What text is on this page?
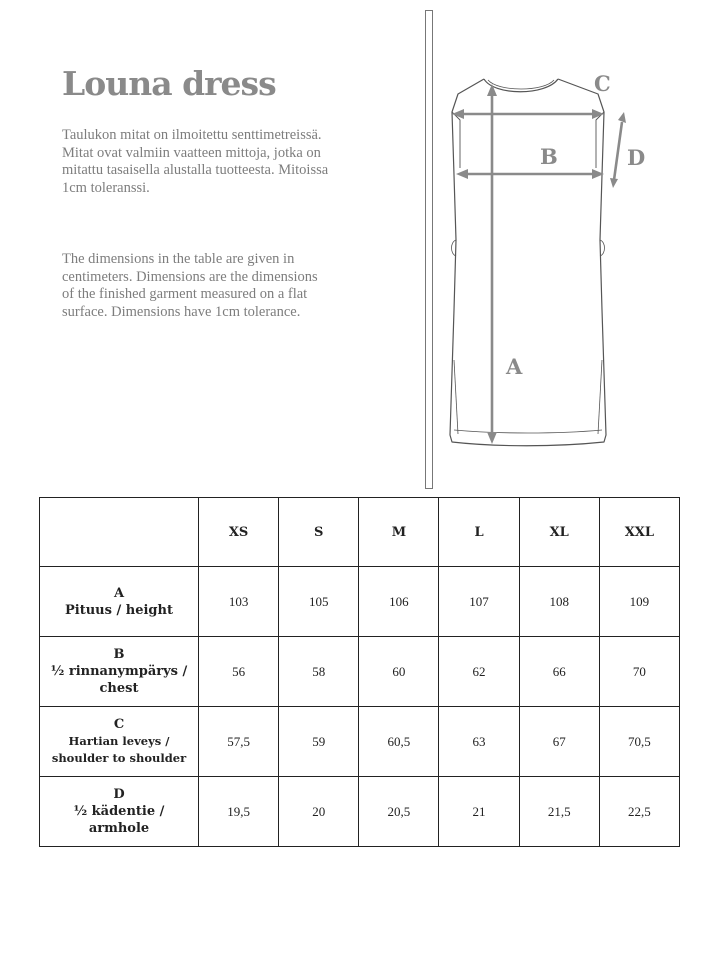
Louna dress

Taulukon mitat on ilmoitettu senttimetreissä. Mitat ovat valmiin vaatteen mittoja, jotka on mitattu tasaisella alustalla tuotteesta. Mitoissa 1cm toleranssi.

The dimensions in the table are given in centimeters. Dimensions are the dimensions of the finished garment measured on a flat surface. Dimensions have 1cm tolerance.

A
B
C
D
	XS	S	M	L	XL	XXL

A
Pituus / height	103	105	106	107	108	109

B
½ rinnanympärys / chest	56	58	60	62	66	70

C
Hartian leveys / shoulder to shoulder	57,5	59	60,5	63	67	70,5

D
½ kädentie / armhole	19,5	20	20,5	21	21,5	22,5
